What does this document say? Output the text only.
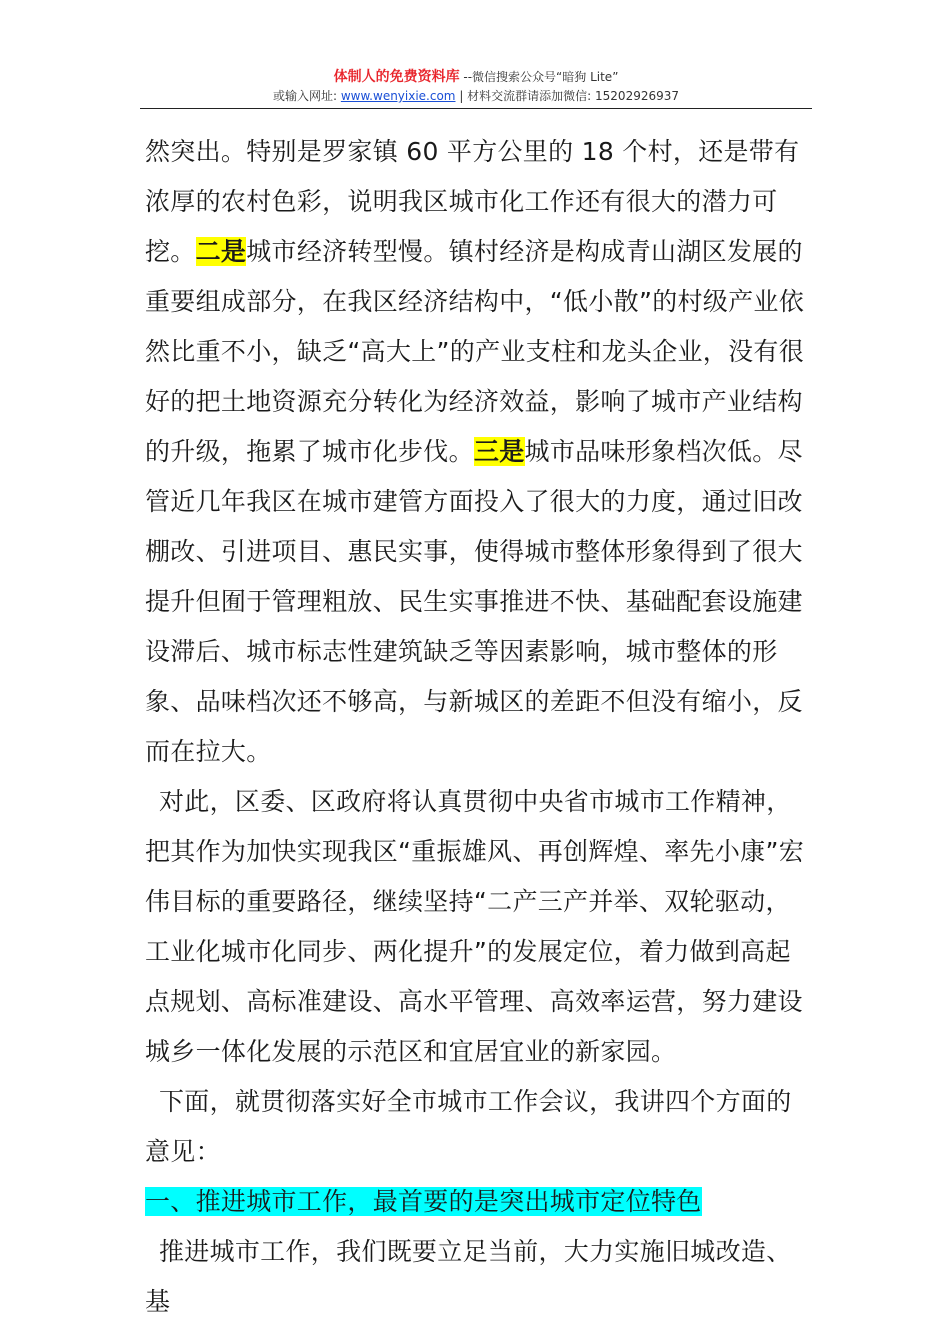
体制人的免费资料库 --微信搜索公众号“暗狗 Lite”
或输入网址: www.wenyixie.com | 材料交流群请添加微信: 15202926937

然突出。特别是罗家镇 60 平方公里的 18 个村，还是带有浓厚的农村色彩，说明我区城市化工作还有很大的潜力可挖。二是城市经济转型慢。镇村经济是构成青山湖区发展的重要组成部分，在我区经济结构中，“低小散”的村级产业依然比重不小，缺乏“高大上”的产业支柱和龙头企业，没有很好的把土地资源充分转化为经济效益，影响了城市产业结构的升级，拖累了城市化步伐。三是城市品味形象档次低。尽管近几年我区在城市建管方面投入了很大的力度，通过旧改棚改、引进项目、惠民实事，使得城市整体形象得到了很大提升但囿于管理粗放、民生实事推进不快、基础配套设施建设滞后、城市标志性建筑缺乏等因素影响，城市整体的形象、品味档次还不够高，与新城区的差距不但没有缩小，反而在拉大。

对此，区委、区政府将认真贯彻中央省市城市工作精神，把其作为加快实现我区“重振雄风、再创辉煌、率先小康”宏伟目标的重要路径，继续坚持“二产三产并举、双轮驱动，工业化城市化同步、两化提升”的发展定位，着力做到高起点规划、高标准建设、高水平管理、高效率运营，努力建设城乡一体化发展的示范区和宜居宜业的新家园。

下面，就贯彻落实好全市城市工作会议，我讲四个方面的意见：

一、推进城市工作，最首要的是突出城市定位特色

推进城市工作，我们既要立足当前，大力实施旧城改造、基
